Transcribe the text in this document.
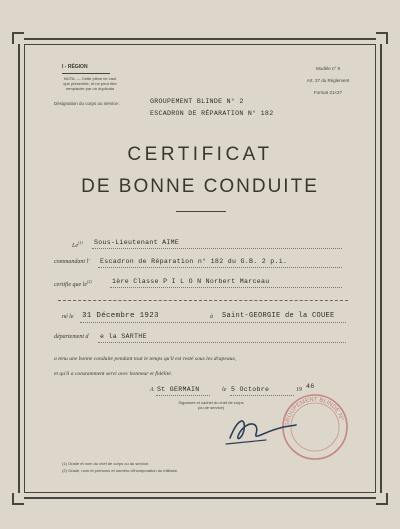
I - RÉGION
NOTA. — Cette pièce ne vaut que présentée, et ne peut être remplacée par un duplicata
Modèle n° 9
Art. 37 du Règlement
Format 21×27
Désignation du corps ou service :	GROUPEMENT BLINDE N° 2
ESCADRON DE RÉPARATION N° 182
CERTIFICAT
DE BONNE CONDUITE
Le$^{(1)}$ Sous-Lieutenant AIME
commandant l' Escadron de Réparation n° 182 du G.B. 2 p.i.
certifie que $le^{(2)}$	1ère Classe P I L O N Norbert Marceau
né le 31 Décembre 1923	à Saint-GEORGIE de la COUEE
département d e la SARTHE
a tenu une bonne conduite pendant tout le temps qu'il est resté sous les drapeaux,
et qu'il a constamment servi avec honneur et fidélité.
A St GERMAIN	le 5 Octobre	19 46
Signature et cachet du chef de corps (ou de service)
GROUPEMENT BLINDE N°
(1) Grade et nom du chef de corps ou du service.
(2) Grade, nom et prénoms et numéro d'incorporation du militaire.
